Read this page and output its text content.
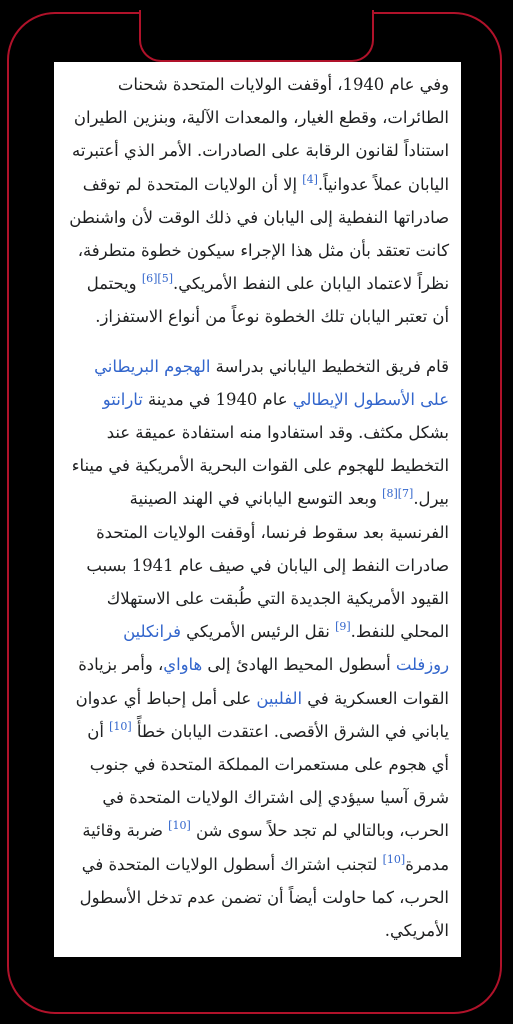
وفي عام 1940، أوقفت الولايات المتحدة شحنات الطائرات، وقطع الغيار، والمعدات الآلية، وبنزين الطيران استناداً لقانون الرقابة على الصادرات. الأمر الذي أعتبرته اليابان عملاً عدوانياً.[4] إلا أن الولايات المتحدة لم توقف صادراتها النفطية إلى اليابان في ذلك الوقت لأن واشنطن كانت تعتقد بأن مثل هذا الإجراء سيكون خطوة متطرفة، نظراً لاعتماد اليابان على النفط الأمريكي.[5][6] ويحتمل أن تعتبر اليابان تلك الخطوة نوعاً من أنواع الاستفزاز.

قام فريق التخطيط الياباني بدراسة الهجوم البريطاني على الأسطول الإيطالي عام 1940 في مدينة تارانتو بشكل مكثف. وقد استفادوا منه استفادة عميقة عند التخطيط للهجوم على القوات البحرية الأمريكية في ميناء بيرل.[7][8] وبعد التوسع الياباني في الهند الصينية الفرنسية بعد سقوط فرنسا، أوقفت الولايات المتحدة صادرات النفط إلى اليابان في صيف عام 1941 بسبب القيود الأمريكية الجديدة التي طُبقت على الاستهلاك المحلي للنفط.[9] نقل الرئيس الأمريكي فرانكلين روزفلت أسطول المحيط الهادئ إلى هاواي، وأمر بزيادة القوات العسكرية في الفلبين على أمل إحباط أي عدوان ياباني في الشرق الأقصى. اعتقدت اليابان خطأً [10] أن أي هجوم على مستعمرات المملكة المتحدة في جنوب شرق آسيا سيؤدي إلى اشتراك الولايات المتحدة في الحرب، وبالتالي لم تجد حلاً سوى شن [10] ضربة وقائية مدمرة[10] لتجنب اشتراك أسطول الولايات المتحدة في الحرب، كما حاولت أيضاً أن تضمن عدم تدخل الأسطول الأمريكي.
